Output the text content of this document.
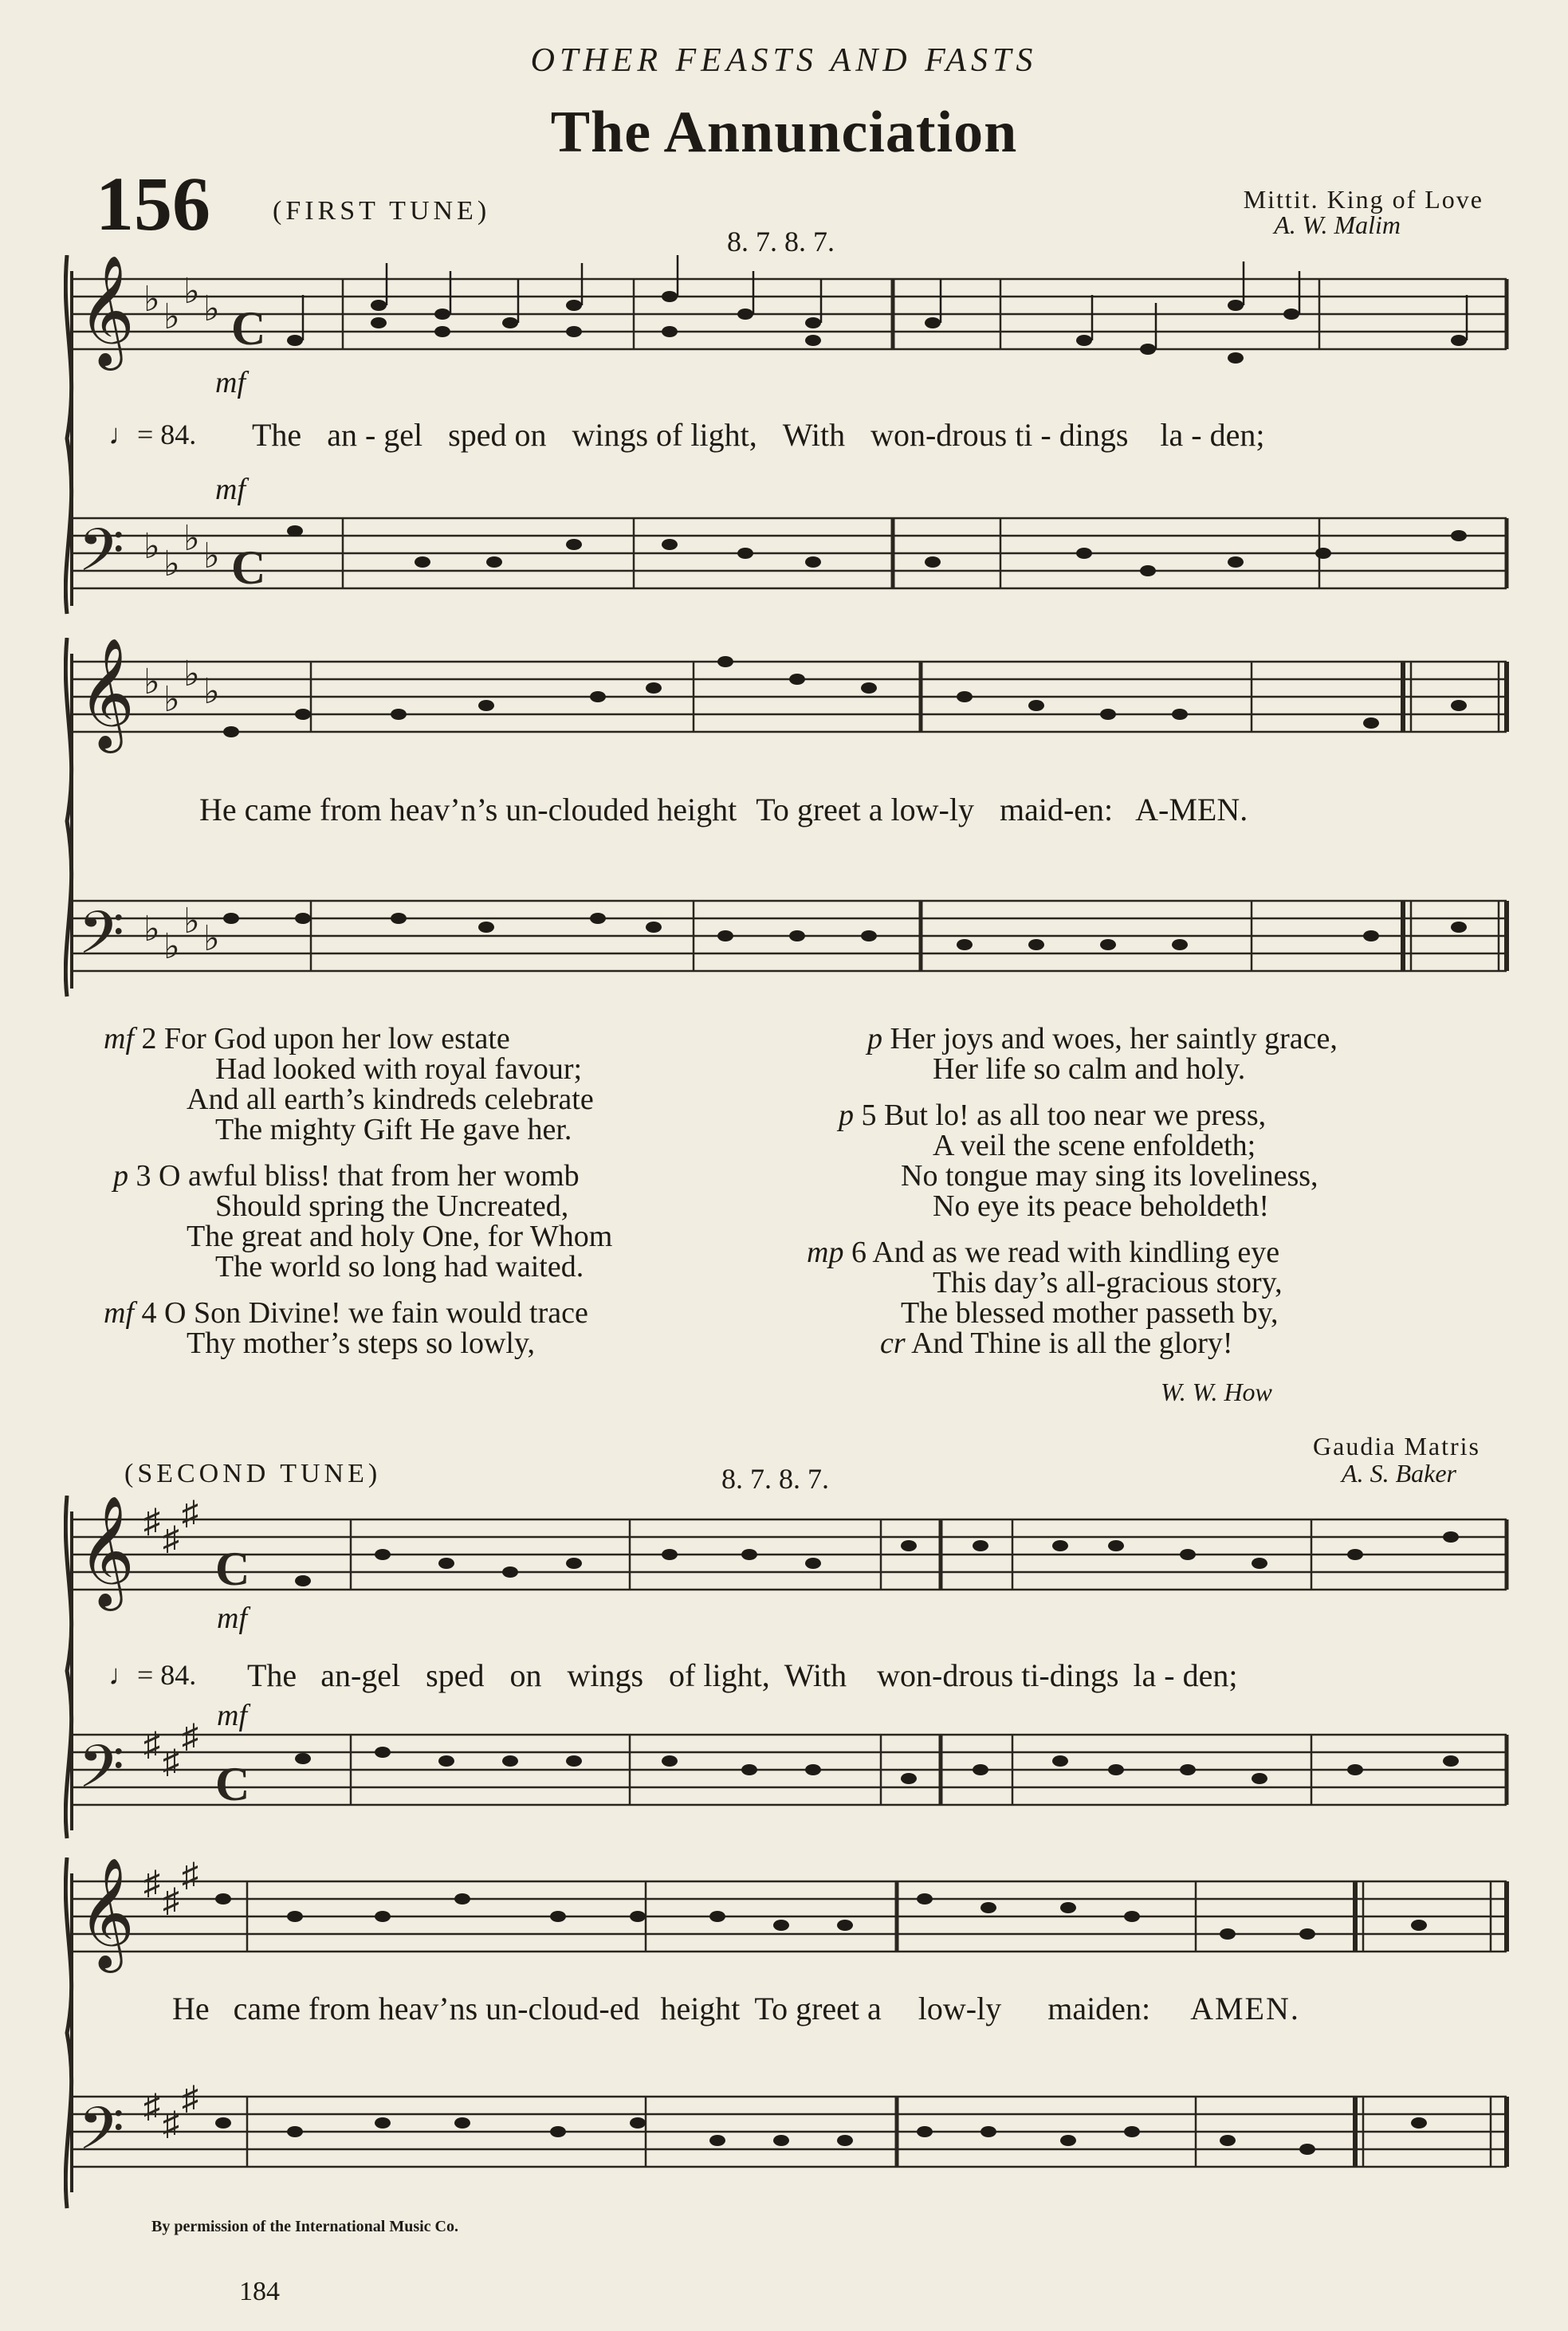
OTHER FEASTS AND FASTS
The Annunciation
156 (FIRST TUNE)
8. 7. 8. 7.
Mittit. King of Love
A. W. Malim
𝄞 ♭ ♭
♭ ♭ C
𝄢 ♭ ♭
♭ ♭ C
mf
mf
♩= 84. The an - gel sped on wings of light, With won-drous ti - dings la - den;
𝄞 ♭ ♭
♭ ♭
𝄢 ♭ ♭
♭ ♭
He came from heav’n’s un-clouded height To greet a low-ly maid-en: A-MEN.
mf 2 For God upon her low estate
Had looked with royal favour;
And all earth’s kindreds celebrate
The mighty Gift He gave her.
p 3 O awful bliss! that from her womb
Should spring the Uncreated,
The great and holy One, for Whom
The world so long had waited.
mf 4 O Son Divine! we fain would trace
Thy mother’s steps so lowly,
p Her joys and woes, her saintly grace,
Her life so calm and holy.
p 5 But lo! as all too near we press,
A veil the scene enfoldeth;
No tongue may sing its loveliness,
No eye its peace beholdeth!
mp 6 And as we read with kindling eye
This day’s all-gracious story,
The blessed mother passeth by,
cr And Thine is all the glory!
W. W. How
(SECOND TUNE)	8. 7. 8. 7.
Gaudia Matris
A. S. Baker
𝄞 ♯ ♯
♯
C
𝄢 ♯ ♯
♯
C
mf
mf
♩= 84. The an-gel sped on wings of light, With won-drous ti-dings la - den;
𝄞 ♯ ♯
♯
𝄢 ♯ ♯
♯
He came from heav’ns un-cloud-ed height To greet a low-ly maiden: AMEN.
By permission of the International Music Co.
184
